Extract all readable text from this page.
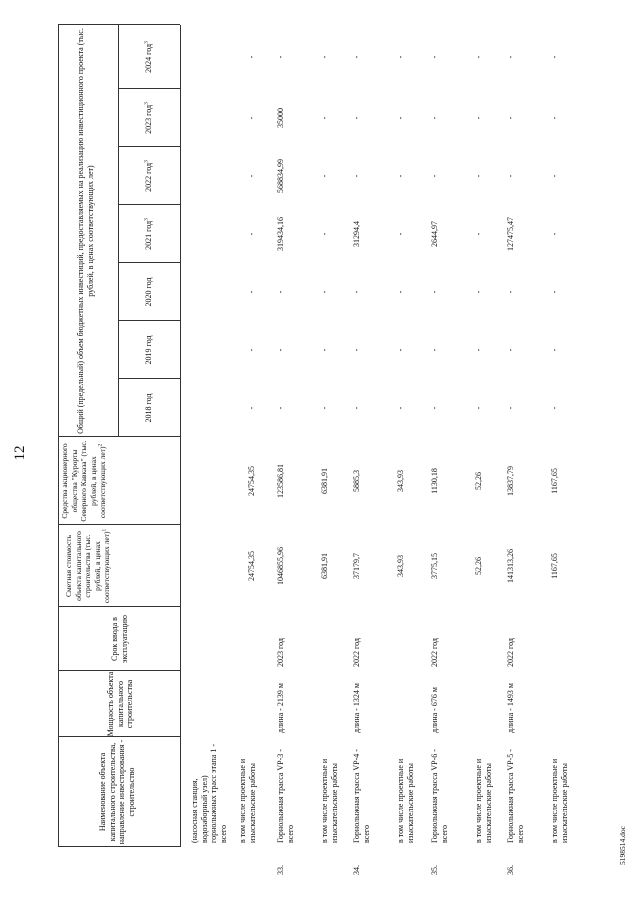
12
5198514.doc
Наименование объекта капитального строительства, направление инвестирования - строительство
Мощность объекта капитального строительства
Срок ввода в эксплуатацию
Сметная стоимость объекта капитального строительства (тыс. рублей, в ценах соответствующих лет)$^1$
Средства акционерного общества "Курорты Северного Кавказа" (тыс. рублей, в ценах соответствующих лет)$^2$
Общий (предельный) объем бюджетных инвестиций, предоставляемых на реализацию инвестиционного проекта (тыс. рублей, в ценах соответствующих лет)
2018 год
2019 год
2020 год
2021 год$^3$
2022 год$^3$
2023 год$^3$
2024 год$^3$
(насосная станция, водозаборный узел) горнолыжных трасс этапа 1 - всего в том числе проектные и изыскательские работы
24754,35
24754,35
-
-
-
-
-
-
-
33.
Горнолыжная трасса VP-3 - всего
длина - 2139 м
2023 год
1046855,96
123586,81
-
-
-
319434,16
568834,99
35000
-
в том числе проектные и изыскательские работы
6381,91
6381,91
-
-
-
-
-
-
-
34.
Горнолыжная трасса VP-4 - всего
длина - 1324 м
2022 год
37179,7
5885,3
-
-
-
31294,4
-
-
-
в том числе проектные и изыскательские работы
343,93
343,93
-
-
-
-
-
-
-
35.
Горнолыжная трасса VP-6 - всего
длина - 676 м
2022 год
3775,15
1130,18
-
-
-
2644,97
-
-
-
в том числе проектные и изыскательские работы
52,26
52,26
-
-
-
-
-
-
-
36.
Горнолыжная трасса VP-5 - всего
длина - 1493 м
2022 год
141313,26
13837,79
-
-
-
127475,47
-
-
-
в том числе проектные и изыскательские работы
1167,65
1167,65
-
-
-
-
-
-
-
